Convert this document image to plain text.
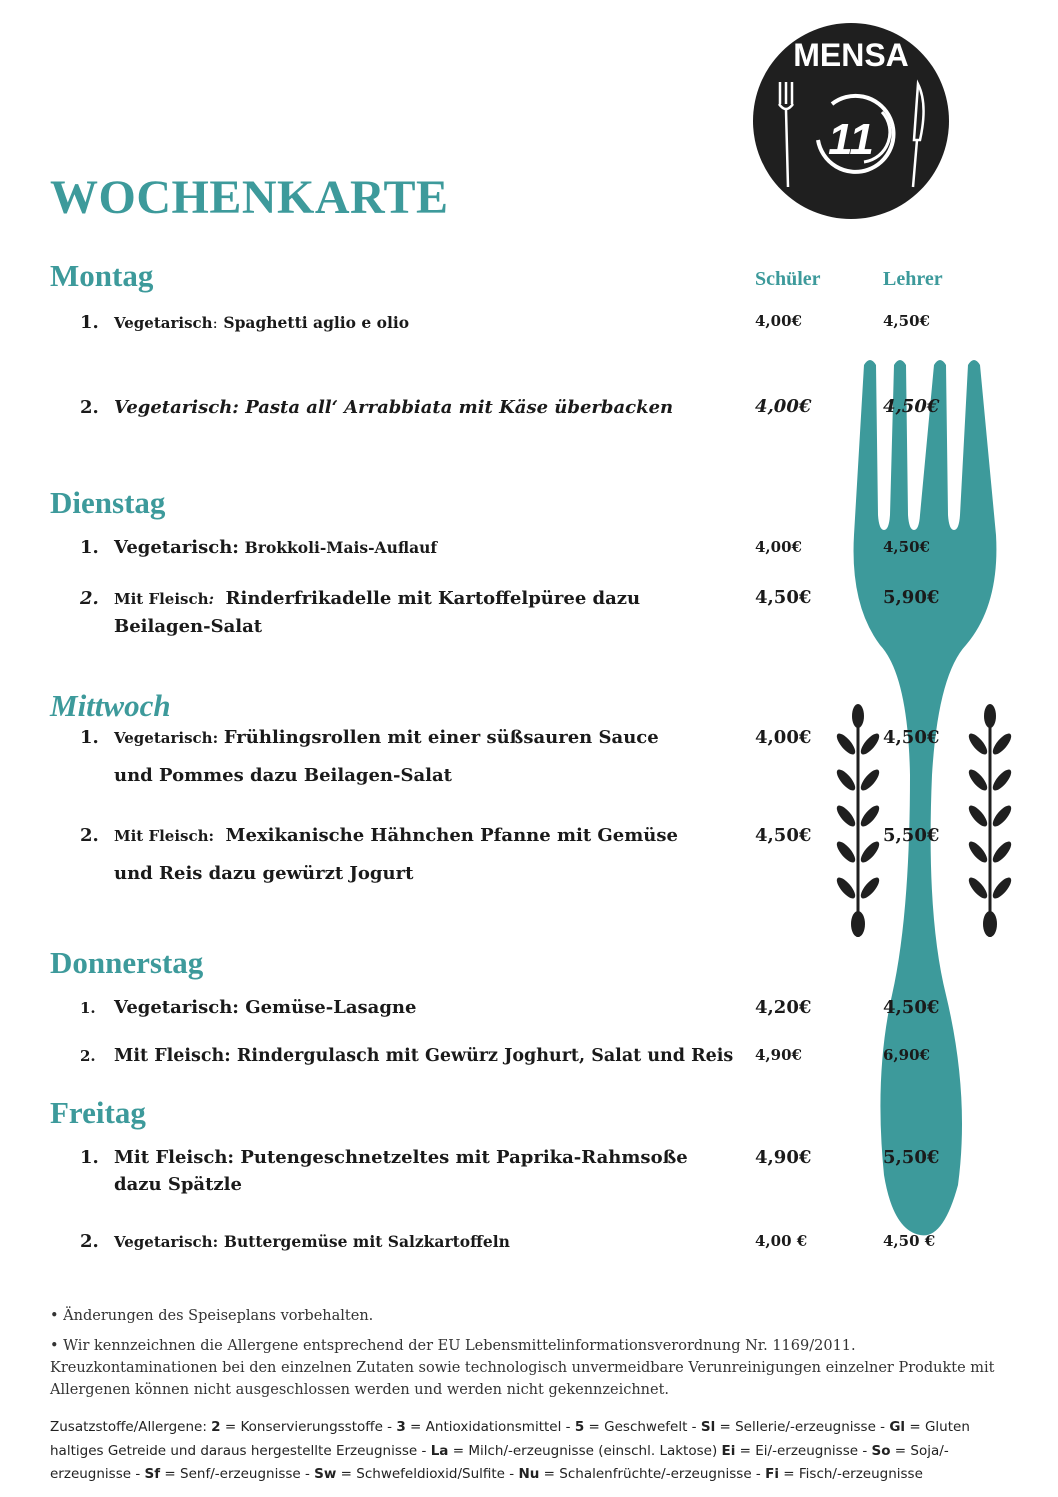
MENSA
11
WOCHENKARTE
Schüler	Lehrer
Montag
1. Vegetarisch: Spaghetti aglio e olio	4,00€	4,50€
2. Vegetarisch: Pasta all‘ Arrabbiata mit Käse überbacken	4,00€	4,50€
Dienstag
1. Vegetarisch: Brokkoli-Mais-Auflauf	4,00€	4,50€
2. Mit Fleisch: Rinderfrikadelle mit Kartoffelpüree dazu
Beilagen-Salat
4,50€	5,90€
Mittwoch
1. Vegetarisch: Frühlingsrollen mit einer süßsauren Sauce
und Pommes dazu Beilagen-Salat
4,00€	4,50€
2. Mit Fleisch: Mexikanische Hähnchen Pfanne mit Gemüse
und Reis dazu gewürzt Jogurt
4,50€	5,50€
Donnerstag
1. Vegetarisch: Gemüse-Lasagne	4,20€	4,50€
2. Mit Fleisch: Rindergulasch mit Gewürz Joghurt, Salat und Reis	4,90€	6,90€
Freitag
1. Mit Fleisch: Putengeschnetzeltes mit Paprika-Rahmsoße
dazu Spätzle
4,90€	5,50€
2. Vegetarisch: Buttergemüse mit Salzkartoffeln	4,00 €	4,50 €

• Änderungen des Speiseplans vorbehalten.

• Wir kennzeichnen die Allergene entsprechend der EU Lebensmittelinformationsverordnung Nr. 1169/2011. Kreuzkontaminationen bei den einzelnen Zutaten sowie technologisch unvermeidbare Verunreinigungen einzelner Produkte mit Allergenen können nicht ausgeschlossen werden und werden nicht gekennzeichnet.

Zusatzstoffe/Allergene: 2 = Konservierungsstoffe - 3 = Antioxidationsmittel - 5 = Geschwefelt - Sl = Sellerie/-erzeugnisse - Gl = Gluten haltiges Getreide und daraus hergestellte Erzeugnisse - La = Milch/-erzeugnisse (einschl. Laktose) Ei = Ei/-erzeugnisse - So = Soja/-erzeugnisse - Sf = Senf/-erzeugnisse - Sw = Schwefeldioxid/Sulfite - Nu = Schalenfrüchte/-erzeugnisse - Fi = Fisch/-erzeugnisse
